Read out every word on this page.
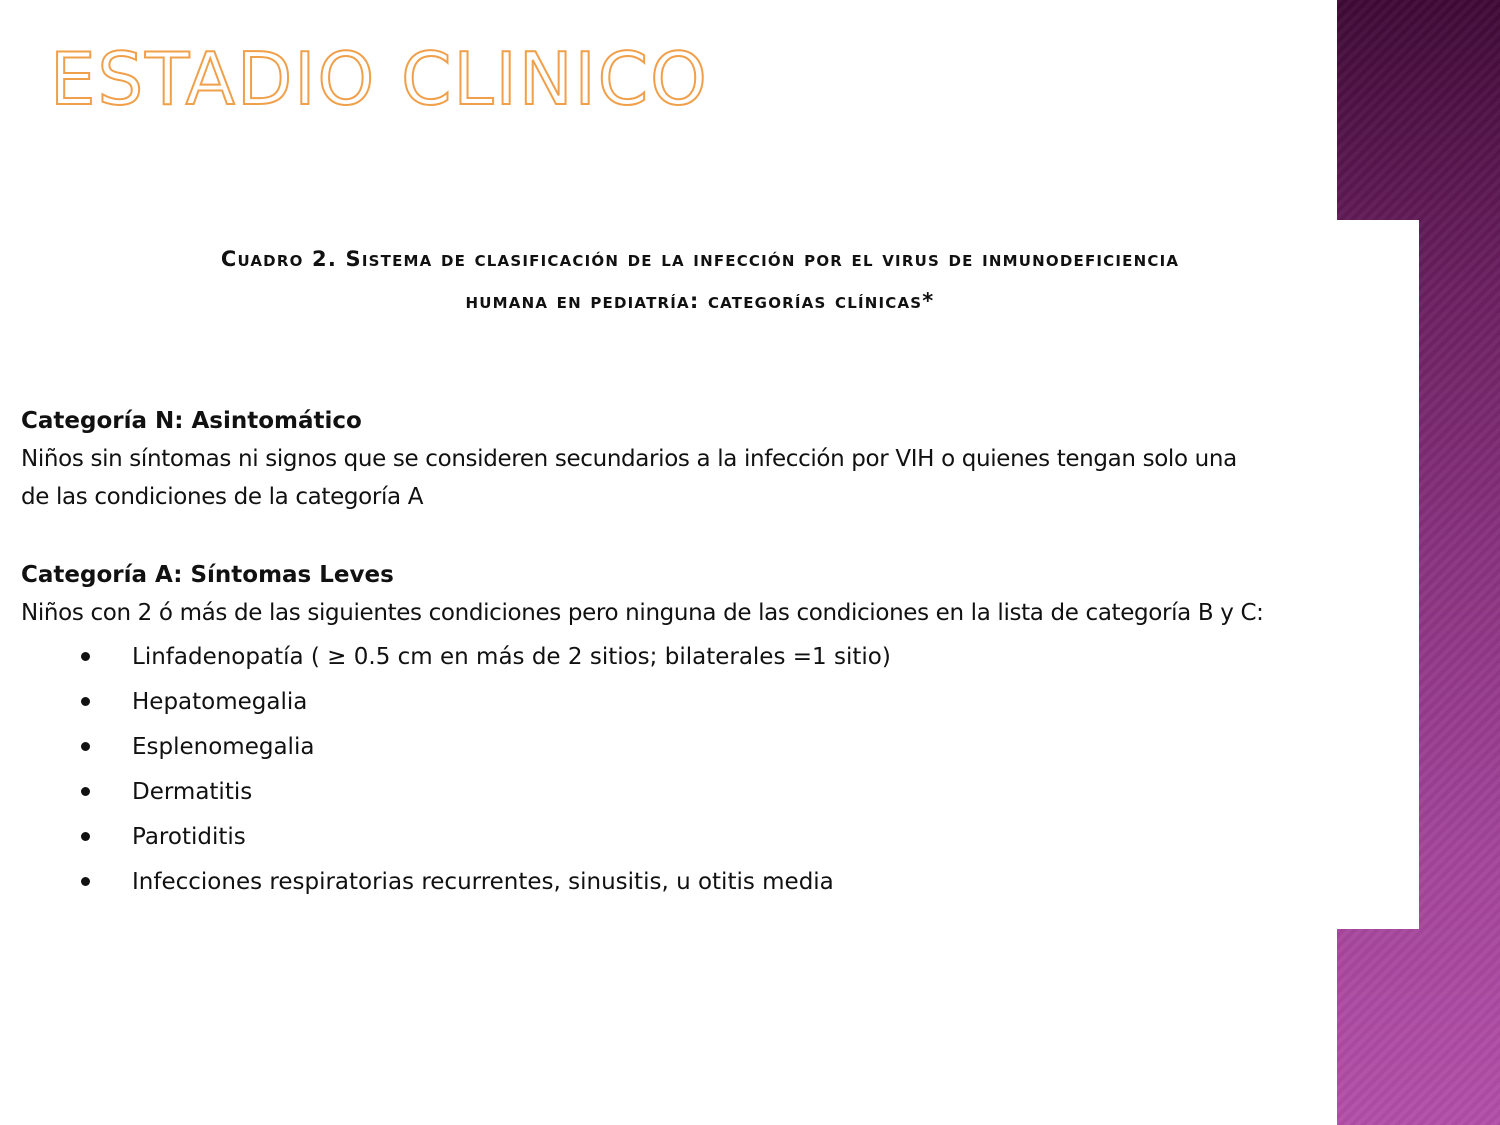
ESTADIO CLINICO

Cuadro 2. Sistema de clasificación de la infección por el virus de inmunodeficiencia
humana en pediatría: categorías clínicas*

Categoría N: Asintomático

Niños sin síntomas ni signos que se consideren secundarios a la infección por VIH o quienes tengan solo una
de las condiciones de la categoría A

Categoría A: Síntomas Leves

Niños con 2 ó más de las siguientes condiciones pero ninguna de las condiciones en la lista de categoría B y C:

Linfadenopatía ( ≥ 0.5 cm en más de 2 sitios; bilaterales =1 sitio)
Hepatomegalia
Esplenomegalia
Dermatitis
Parotiditis
Infecciones respiratorias recurrentes, sinusitis, u otitis media
